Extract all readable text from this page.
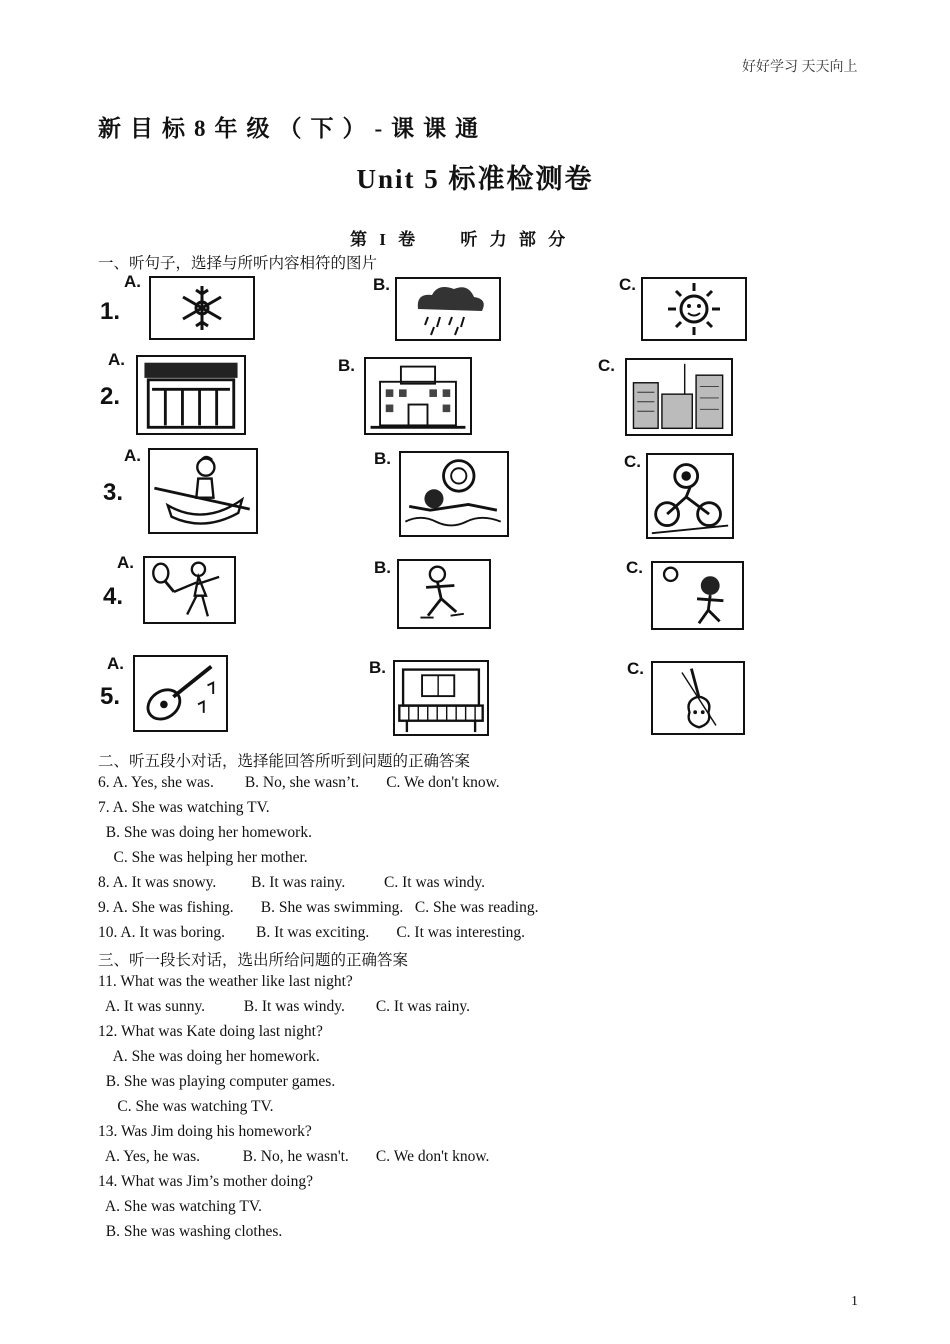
好好学习 天天向上
新目标8年级（下）-课课通
Unit 5 标准检测卷
第 I 卷     听 力 部 分
一、听句子，选择与所听内容相符的图片
1.
A.	B.	C.
2.
A.	B.	C.
3.
A.	B.	C.
4.
A.	B.	C.
5.
A.	B.	C.
二、听五段小对话，选择能回答所听到问题的正确答案
6. A. Yes, she was.        B. No, she wasn’t.       C. We don't know.
7. A. She was watching TV.
B. She was doing her homework.
C. She was helping her mother.
8. A. It was snowy.         B. It was rainy.          C. It was windy.
9. A. She was fishing.       B. She was swimming.   C. She was reading.
10. A. It was boring.        B. It was exciting.       C. It was interesting.
三、听一段长对话，选出所给问题的正确答案
11. What was the weather like last night?
A. It was sunny.          B. It was windy.        C. It was rainy.
12. What was Kate doing last night?
A. She was doing her homework.
B. She was playing computer games.
C. She was watching TV.
13. Was Jim doing his homework?
A. Yes, he was.           B. No, he wasn't.       C. We don't know.
14. What was Jim’s mother doing?
A. She was watching TV.
B. She was washing clothes.
1
